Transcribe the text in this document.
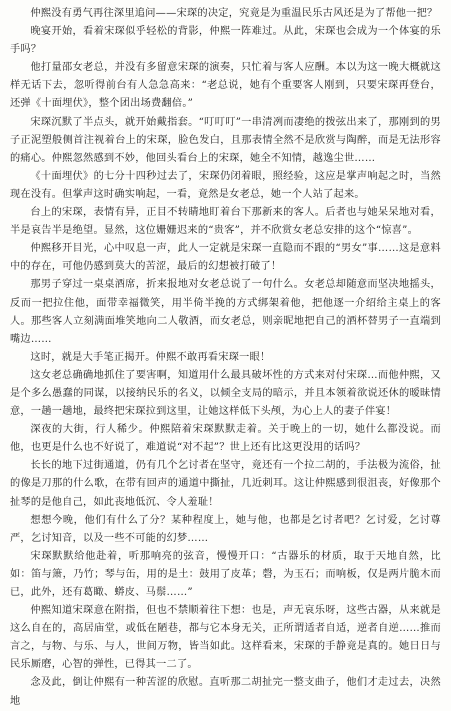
仲熙没有勇气再往深里追问——宋琛的决定，究竟是为重温民乐古风还是为了帮他一把？

晚宴开始，看着宋琛似乎轻松的背影，仲熙一阵难过。从此，宋琛也会成为一个体宴的乐手吗？

他打量邵女老总，并没有多留意宋琛的演奏，只忙着与客人应酬。本以为这一晚大概就这样无话下去，忽听得前台有人急急高来：“老总说，她有个重要客人刚到，只要宋琛再登台，还弹《十面埋伏》，整个团出场费翻倍。”

宋琛沉默了半点头，就开始戴指套。“叮叮叮”一串清冽而凄绝的拨弦出来了，那刚到的男子正泥塑般侧首注视着台上的宋琛，脸色发白，且那表情全然不是欣赏与陶醉，而是无法形容的痛心。仲熙忽然感到不妙，他回头看台上的宋琛，她全不知情，越逸尘世……

《十面埋伏》的七分十四秒过去了，宋琛仍闭着眼，照经验，这应是掌声响起之时，当然现在没有。但掌声这时确实响起，一看，竟然是女老总，她一个人站了起来。

台上的宋琛，表情有异，正目不转睛地盯着台下那新来的客人。后者也与她呆呆地对看，半是哀告半是绝望。显然，这位姗姗迟来的“贵客”，并不欣赏女老总安排的这个“惊喜”。

仲熙移开目光，心中叹息一声，此人一定就是宋琛一直隐而不跟的“男女”事……这是意料中的存在，可他仍感到莫大的苦涩，最后的幻想被打破了！

那男子穿过一桌桌酒席，折来报地对女老总说了一句什么。女老总却随意而坚决地摇头，反而一把拉住他，面带幸福微笑，用半倚半挽的方式绑架着他，把他逐一介绍给主桌上的客人。那些客人立刻满面堆笑地向二人敬酒，而女老总，则亲昵地把自己的酒杯替男子一直端到嘴边……

这时，就是大手笔正揭开。仲熙不敢再看宋琛一眼！

这女老总确确地抓住了要害啊，知道用什么最具破坏性的方式来对付宋琛…而他仲熙，又是个多么愚蠢的同谋，以接纳民乐的名义，以倾全支局的暗示，并且本领着欲说还休的暧昧情意，一趟一趟地，最终把宋琛拉到这里，让她这样低下头颅，为心上人的妻子伴宴！

深夜的大街，行人稀少。仲熙陪着宋琛默默走着。关于晚上的一切，她什么都没说。而他，也更是什么也不好说了，难道说“对不起”？世上还有比这更没用的话吗？

长长的地下过街通道，仍有几个乞讨者在坚守，竟还有一个拉二胡的，手法极为流俗，扯的像是刀那的什么歌，在带有回声的通道中撕扯，几近刺耳。这让仲熙感到很沮丧，好像那个扯琴的是他自己，如此丧地低沉、令人羞耻！

想想今晚，他们有什么了分？某种程度上，她与他，也都是乞讨者吧？乞讨爱，乞讨尊严，乞讨知音，以及一些不可能的幻梦……

宋琛默默给他赴着，听那响亮的弦音，慢慢开口：“古器乐的材质，取于天地自然，比如：笛与箫，乃竹；琴与缶，用的是土：鼓用了皮革；磬，为玉石；而响板，仅是两片脆木而已，此外，还有葛瞰、蟒皮、马鬃……”

仲熙知道宋琛意在附指，但也不禁顺着往下想：也是，声无哀乐呀，这些古器，从来就是这么自在的，高居庙堂，或低在陋巷，都与它本身无关，正所谓适者自适，逆者自逆……推而言之，与物、与乐、与人，世间万物，皆当如此。这样看来，宋琛的手静竟是真的。她日日与民乐厮磨，心智的弹性，已得其一二了。

念及此，倒让仲熙有一种苦涩的欣慰。直听那二胡扯完一整支曲子，他们才走过去，决然地
